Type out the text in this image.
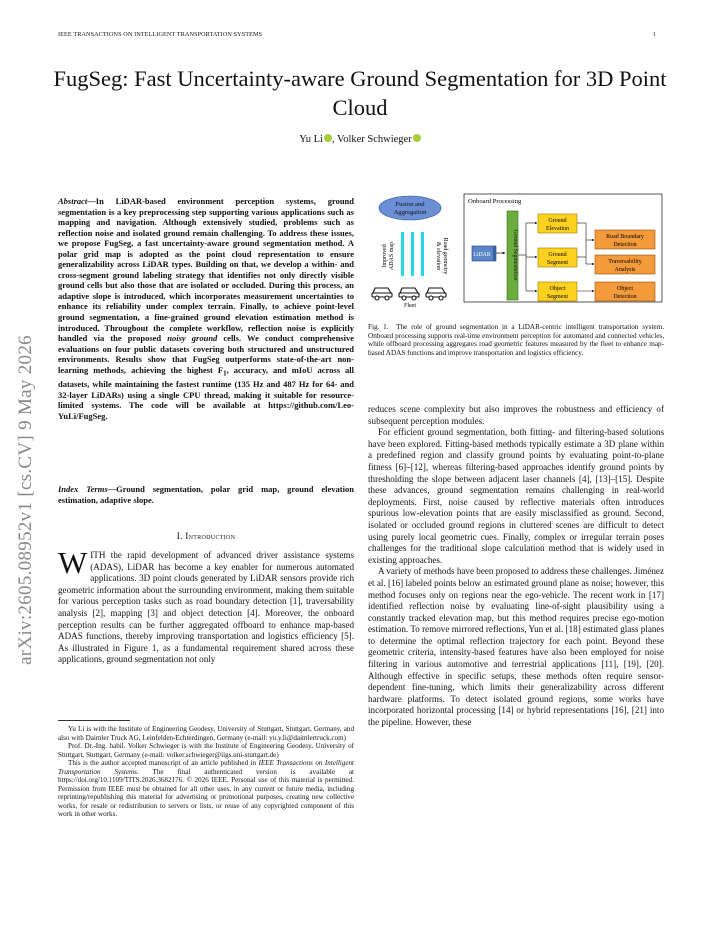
IEEE TRANSACTIONS ON INTELLIGENT TRANSPORTATION SYSTEMS	1
FugSeg: Fast Uncertainty-aware Ground Segmentation for 3D Point Cloud
Yu Li , Volker Schwieger
arXiv:2605.08952v1 [cs.CV] 9 May 2026
Abstract—In LiDAR-based environment perception systems, ground segmentation is a key preprocessing step supporting various applications such as mapping and navigation. Although extensively studied, problems such as reflection noise and isolated ground remain challenging. To address these issues, we propose FugSeg, a fast uncertainty-aware ground segmentation method. A polar grid map is adopted as the point cloud representation to ensure generalizability across LiDAR types. Building on that, we develop a within- and cross-segment ground labeling strategy that identifies not only directly visible ground cells but also those that are isolated or occluded. During this process, an adaptive slope is introduced, which incorporates measurement uncertainties to enhance its reliability under complex terrain. Finally, to achieve point-level ground segmentation, a fine-grained ground elevation estimation method is introduced. Throughout the complete workflow, reflection noise is explicitly handled via the proposed noisy ground cells. We conduct comprehensive evaluations on four public datasets covering both structured and unstructured environments. Results show that FugSeg outperforms state-of-the-art non-learning methods, achieving the highest $F_1$, accuracy, and mIoU across all datasets, while maintaining the fastest runtime (135 Hz and 487 Hz for 64- and 32-layer LiDARs) using a single CPU thread, making it suitable for resource-limited systems. The code will be available at https://github.com/Leo-YuLi/FugSeg.
Index Terms—Ground segmentation, polar grid map, ground elevation estimation, adaptive slope.
I. Introduction
WITH the rapid development of advanced driver assistance systems (ADAS), LiDAR has become a key enabler for numerous automated applications. 3D point clouds generated by LiDAR sensors provide rich geometric information about the surrounding environment, making them suitable for various perception tasks such as road boundary detection [1], traversability analysis [2], mapping [3] and object detection [4]. Moreover, the onboard perception results can be further aggregated offboard to enhance map-based ADAS functions, thereby improving transportation and logistics efficiency [5]. As illustrated in Figure 1, as a fundamental requirement shared across these applications, ground segmentation not only

Yu Li is with the Institute of Engineering Geodesy, University of Stuttgart, Stuttgart, Germany, and also with Daimler Truck AG, Leinfelden-Echterdingen, Germany (e-mail: yu.y.li@daimlertruck.com)

Prof. Dr.-Ing. habil. Volker Schwieger is with the Institute of Engineering Geodesy, University of Stuttgart, Stuttgart, Germany (e-mail: volker.schwieger@iigs.uni-stuttgart.de)

This is the author accepted manuscript of an article published in IEEE Transactions on Intelligent Transportation Systems. The final authenticated version is available at https://doi.org/10.1109/TITS.2026.3682176. © 2026 IEEE. Personal use of this material is permitted. Permission from IEEE must be obtained for all other uses, in any current or future media, including reprinting/republishing this material for advertising or promotional purposes, creating new collective works, for resale or redistribution to servers or lists, or reuse of any copyrighted component of this work in other works.

Fusion and
Aggregation
Improved ADAS map	Road geometry
& elevation
Fleet
Onboard Processing
LiDAR	Ground Segmentation
Ground
Elevation
Ground
Segment
Object
Segment
Road Boundary
Detection
Traversability
Analysis
Object
Detection
Fig. 1. The role of ground segmentation in a LiDAR-centric intelligent transportation system. Onboard processing supports real-time environment perception for automated and connected vehicles, while offboard processing aggregates road geometric features measured by the fleet to enhance map-based ADAS functions and improve transportation and logistics efficiency.

reduces scene complexity but also improves the robustness and efficiency of subsequent perception modules.

For efficient ground segmentation, both fitting- and filtering-based solutions have been explored. Fitting-based methods typically estimate a 3D plane within a predefined region and classify ground points by evaluating point-to-plane fitness [6]–[12], whereas filtering-based approaches identify ground points by thresholding the slope between adjacent laser channels [4], [13]–[15]. Despite these advances, ground segmentation remains challenging in real-world deployments. First, noise caused by reflective materials often introduces spurious low-elevation points that are easily misclassified as ground. Second, isolated or occluded ground regions in cluttered scenes are difficult to detect using purely local geometric cues. Finally, complex or irregular terrain poses challenges for the traditional slope calculation method that is widely used in existing approaches.

A variety of methods have been proposed to address these challenges. Jiménez et al. [16] labeled points below an estimated ground plane as noise; however, this method focuses only on regions near the ego-vehicle. The recent work in [17] identified reflection noise by evaluating line-of-sight plausibility using a constantly tracked elevation map, but this method requires precise ego-motion estimation. To remove mirrored reflections, Yun et al. [18] estimated glass planes to determine the optimal reflection trajectory for each point. Beyond these geometric criteria, intensity-based features have also been employed for noise filtering in various automotive and terrestrial applications [11], [19], [20]. Although effective in specific setups, these methods often require sensor-dependent fine-tuning, which limits their generalizability across different hardware platforms. To detect isolated ground regions, some works have incorporated horizontal processing [14] or hybrid representations [16], [21] into the pipeline. However, these
